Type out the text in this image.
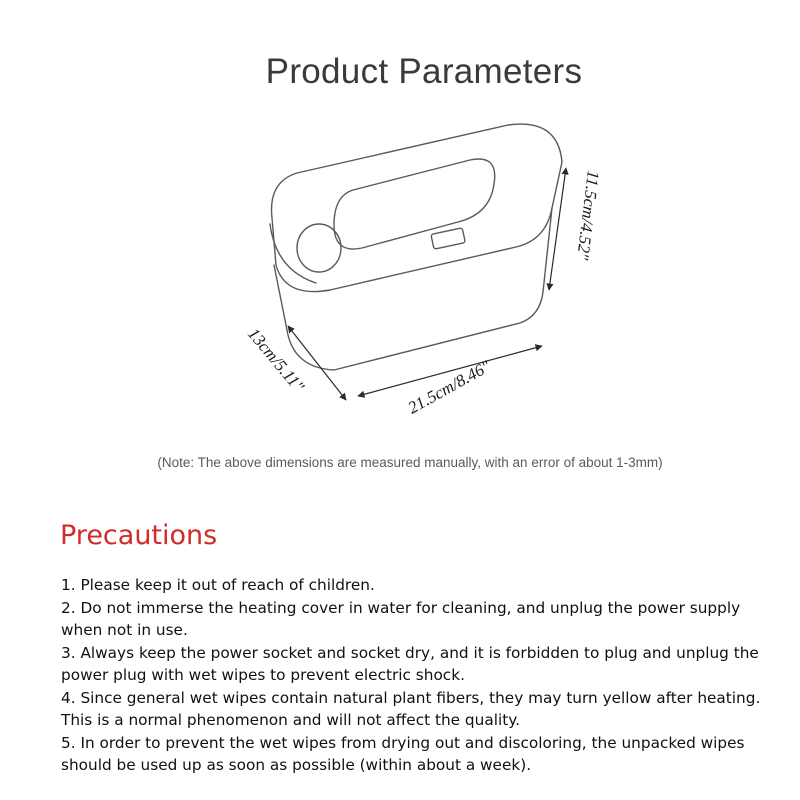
Product Parameters
11.5cm/4.52"
21.5cm/8.46"
13cm/5.11"
(Note: The above dimensions are measured manually, with an error of about 1-3mm)
Precautions

1. Please keep it out of reach of children.

2. Do not immerse the heating cover in water for cleaning, and unplug the power supply when not in use.

3. Always keep the power socket and socket dry, and it is forbidden to plug and unplug the power plug with wet wipes to prevent electric shock.

4. Since general wet wipes contain natural plant fibers, they may turn yellow after heating. This is a normal phenomenon and will not affect the quality.

5. In order to prevent the wet wipes from drying out and discoloring, the unpacked wipes should be used up as soon as possible (within about a week).
